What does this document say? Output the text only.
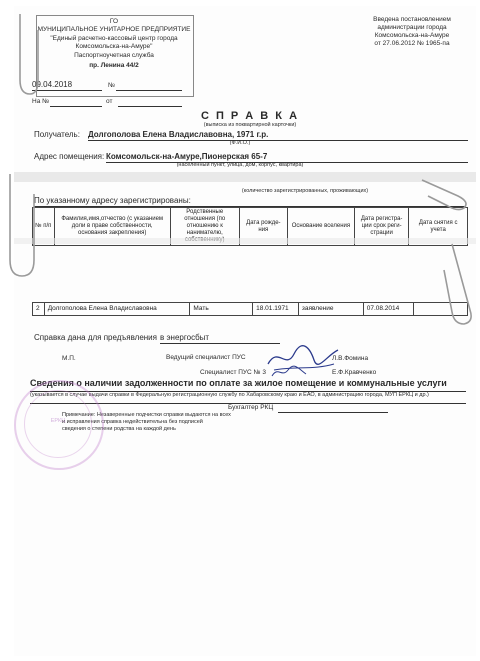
ГО
МУНИЦИПАЛЬНОЕ УНИТАРНОЕ ПРЕДПРИЯТИЕ
"Единый расчетно-кассовый центр города
Комсомольска-на-Амуре"
Паспортноучетная служба
пр. Ленина 44/2
09.04.2018	№
На №	от
Введена постановлением
администрации города
Комсомольска-на-Амуре
от 27.06.2012 № 1965-па
С П Р А В К А
(выписка из поквартирной карточки)
Получатель: Долгополова Елена Владиславовна, 1971 г.р.
(Ф.И.О.)
Адрес помещения: Комсомольск-на-Амуре,Пионерская 65-7
(населенный пункт, улица, дом, корпус, квартира)
(количество зарегистрированных, проживающих)
По указанному адресу зарегистрированы:
№ п/п	Фамилия,имя,отчество (с указанием доли в праве собственности, основания закрепления)	Родственные отношения (по отношению к нанимателю,	Дата рожде-ния	Основание вселения	Дата регистра-ции срок реги-страции	Дата снятия с учета
2	Долгополова Елена Владиславовна	Мать	18.01.1971	заявление	07.08.2014	
Справка дана для предъявления в энергосбыт
М.П.	Ведущий специалист ПУС	Л.В.Фомина
Специалист ПУС № 3	Е.Ф.Кравченко
Сведения о наличии задолженности по оплате за жилое помещение и коммунальные услуги
(указывается в случае выдачи справки в Федеральную регистрационную службу по Хабаровскому краю и ЕАО, в администрацию города, МУП ЕРКЦ и др.)
Бухгалтер РКЦ
Примечание: Незаверенные подчистки справки выдаются на всех
и исправления справка недействительна без подписей
сведения о степени родства на каждой день
ЕРКЦ
